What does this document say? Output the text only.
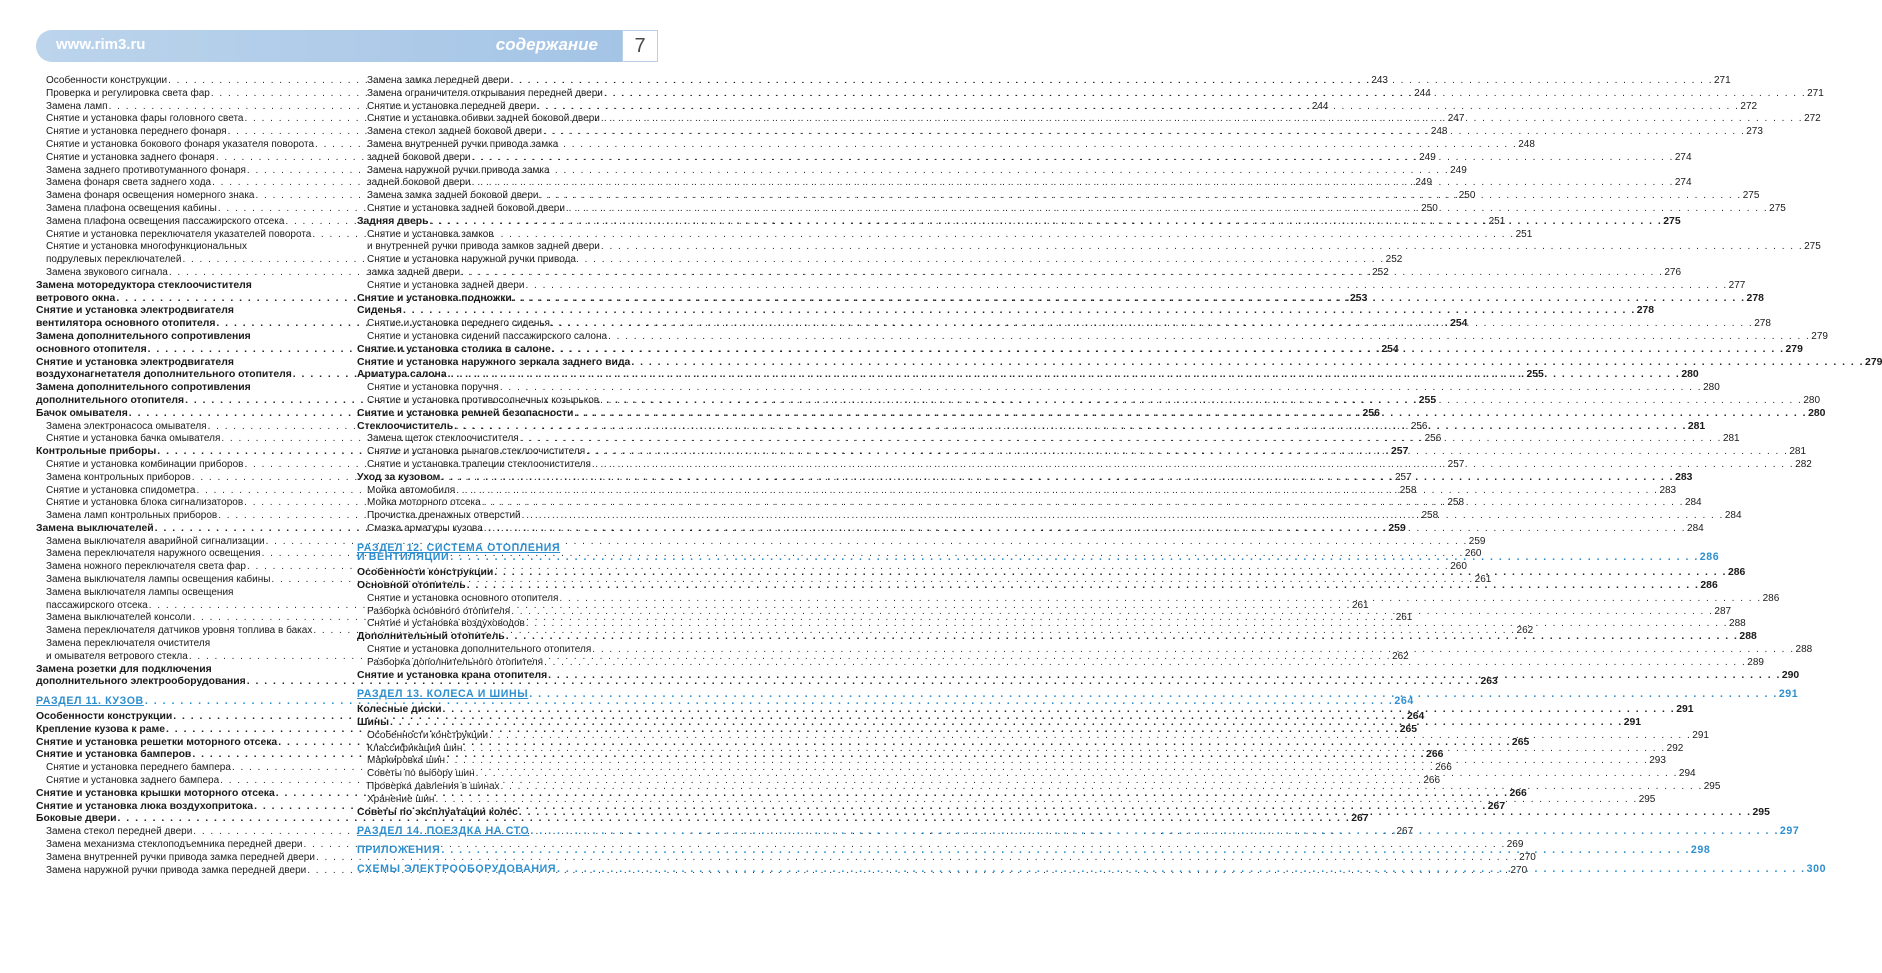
www.rim3.ru	содержание	7
Особенности конструкции . . .	243
Проверка и регулировка света фар . . .	244
Замена ламп . . .	244
Снятие и установка фары головного света . . .	247
Снятие и установка переднего фонаря . . .	248
Снятие и установка бокового фонаря указателя поворота . . .	248
Снятие и установка заднего фонаря . . .	249
Замена заднего противотуманного фонаря . . .	249
Замена фонаря света заднего хода . . .	249
Замена фонаря освещения номерного знака . . .	250
Замена плафона освещения кабины . . .	250
Замена плафона освещения пассажирского отсека . . .	251
Снятие и установка переключателя указателей поворота . . .	251
Снятие и установка многофункциональных
подрулевых переключателей . . .	252
Замена звукового сигнала . . .	252
Замена моторедуктора стеклоочистителя
ветрового окна . . .	253
Снятие и установка электродвигателя
вентилятора основного отопителя . . .	254
Замена дополнительного сопротивления
основного отопителя . . .	254
Снятие и установка электродвигателя
воздухонагнетателя дополнительного отопителя . . .	255
Замена дополнительного сопротивления
дополнительного отопителя . . .	255
Бачок омывателя . . .	256
Замена электронасоса омывателя . . .	256
Снятие и установка бачка омывателя . . .	256
Контрольные приборы . . .	257
Снятие и установка комбинации приборов . . .	257
Замена контрольных приборов . . .	257
Снятие и установка спидометра . . .	258
Снятие и установка блока сигнализаторов . . .	258
Замена ламп контрольных приборов . . .	258
Замена выключателей . . .	259
Замена выключателя аварийной сигнализации . . .	259
Замена переключателя наружного освещения . . .	260
Замена ножного переключателя света фар . . .	260
Замена выключателя лампы освещения кабины . . .	261
Замена выключателя лампы освещения
пассажирского отсека . . .	261
Замена выключателей консоли . . .	261
Замена переключателя датчиков уровня топлива в баках . . .	262
Замена переключателя очистителя
и омывателя ветрового стекла . . .	262
Замена розетки для подключения
дополнительного электрооборудования . . .	263
РАЗДЕЛ 11. КУЗОВ . . .	264
Особенности конструкции . . .	264
Крепление кузова к раме . . .	265
Снятие и установка решетки моторного отсека . . .	265
Снятие и установка бамперов . . .	266
Снятие и установка переднего бампера . . .	266
Снятие и установка заднего бампера . . .	266
Снятие и установка крышки моторного отсека . . .	266
Снятие и установка люка воздухопритока . . .	267
Боковые двери . . .	267
Замена стекол передней двери . . .	267
Замена механизма стеклоподъемника передней двери . . .	269
Замена внутренней ручки привода замка передней двери . . .	270
Замена наружной ручки привода замка передней двери . . .	270
Замена замка передней двери . . .	271
Замена ограничителя открывания передней двери . . .	271
Снятие и установка передней двери . . .	272
Снятие и установка обивки задней боковой двери . . .	272
Замена стекол задней боковой двери . . .	273
Замена внутренней ручки привода замка
задней боковой двери . . .	274
Замена наружной ручки привода замка
задней боковой двери . . .	274
Замена замка задней боковой двери . . .	275
Снятие и установка задней боковой двери . . .	275
Задняя дверь . . .	275
Снятие и установка замков
и внутренней ручки привода замков задней двери . . .	275
Снятие и установка наружной ручки привода
замка задней двери . . .	276
Снятие и установка задней двери . . .	277
Снятие и установка подножки . . .	278
Сиденья . . .	278
Снятие и установка переднего сиденья . . .	278
Снятие и установка сидений пассажирского салона . . .	279
Снятие и установка столика в салоне . . .	279
Снятие и установка наружного зеркала заднего вида . . .	279
Арматура салона . . .	280
Снятие и установка поручня . . .	280
Снятие и установка противосолнечных козырьков . . .	280
Снятие и установка ремней безопасности . . .	280
Стеклоочиститель . . .	281
Замена щеток стеклоочистителя . . .	281
Снятие и установка рычагов стеклоочистителя . . .	281
Снятие и установка трапеции стеклоочистителя . . .	282
Уход за кузовом . . .	283
Мойка автомобиля . . .	283
Мойка моторного отсека . . .	284
Прочистка дренажных отверстий . . .	284
Смазка арматуры кузова . . .	284
РАЗДЕЛ 12. СИСТЕМА ОТОПЛЕНИЯ
И ВЕНТИЛЯЦИИ . . .	286
Особенности конструкции . . .	286
Основной отопитель . . .	286
Снятие и установка основного отопителя . . .	286
Разборка основного отопителя . . .	287
Снятие и установка воздуховодов . . .	288
Дополнительный отопитель . . .	288
Снятие и установка дополнительного отопителя . . .	288
Разборка дополнительного отопителя . . .	289
Снятие и установка крана отопителя . . .	290
РАЗДЕЛ 13. КОЛЕСА И ШИНЫ . . .	291
Колесные диски . . .	291
Шины . . .	291
Особенности конструкции . . .	291
Классификация шин . . .	292
Маркировка шин . . .	293
Советы по выбору шин . . .	294
Проверка давления в шинах . . .	295
Хранение шин . . .	295
Советы по эксплуатации колес . . .	295
РАЗДЕЛ 14. ПОЕЗДКА НА СТО . . .	297
ПРИЛОЖЕНИЯ . . .	298
СХЕМЫ ЭЛЕКТРООБОРУДОВАНИЯ . . .	300
